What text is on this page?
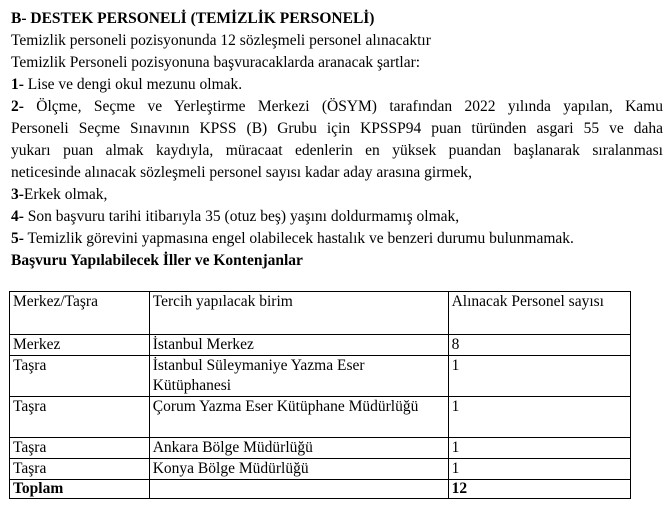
B- DESTEK PERSONELİ (TEMİZLİK PERSONELİ)
Temizlik personeli pozisyonunda 12 sözleşmeli personel alınacaktır
Temizlik Personeli pozisyonuna başvuracaklarda aranacak şartlar:
1- Lise ve dengi okul mezunu olmak.
2- Ölçme, Seçme ve Yerleştirme Merkezi (ÖSYM) tarafından 2022 yılında yapılan, Kamu
Personeli Seçme Sınavının KPSS (B) Grubu için KPSSP94 puan türünden asgari 55 ve daha
yukarı puan almak kaydıyla, müracaat edenlerin en yüksek puandan başlanarak sıralanması
neticesinde alınacak sözleşmeli personel sayısı kadar aday arasına girmek,
3-Erkek olmak,
4- Son başvuru tarihi itibarıyla 35 (otuz beş) yaşını doldurmamış olmak,
5- Temizlik görevini yapmasına engel olabilecek hastalık ve benzeri durumu bulunmamak.
Başvuru Yapılabilecek İller ve Kontenjanlar
Merkez/Taşra	Tercih yapılacak birim	Alınacak Personel sayısı
Merkez	İstanbul Merkez	8
Taşra	İstanbul Süleymaniye Yazma Eser Kütüphanesi	1
Taşra	Çorum Yazma Eser Kütüphane Müdürlüğü	1
Taşra	Ankara Bölge Müdürlüğü	1
Taşra	Konya Bölge Müdürlüğü	1
Toplam		12
